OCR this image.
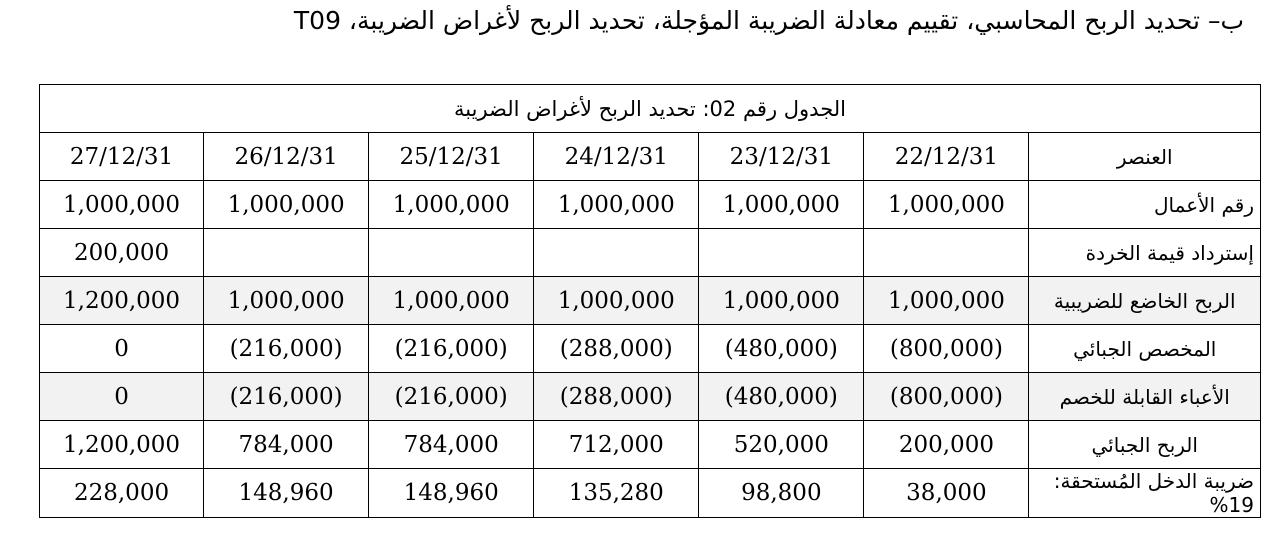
ب– تحديد الربح المحاسبي، تقييم معادلة الضريبة المؤجلة، تحديد الربح لأغراض الضريبة، T09
الجدول رقم 02: تحديد الربح لأغراض الضريبة						
العنصر	22/12/31	23/12/31	24/12/31	25/12/31	26/12/31	27/12/31
رقم الأعمال	1,000,000	1,000,000	1,000,000	1,000,000	1,000,000	1,000,000
إسترداد قيمة الخردة						200,000
الربح الخاضع للضريبية	1,000,000	1,000,000	1,000,000	1,000,000	1,000,000	1,200,000
المخصص الجبائي	(800,000)	(480,000)	(288,000)	(216,000)	(216,000)	0
الأعباء القابلة للخصم	(800,000)	(480,000)	(288,000)	(216,000)	(216,000)	0
الربح الجبائي	200,000	520,000	712,000	784,000	784,000	1,200,000
ضريبة الدخل المُستحقة: 19%	38,000	98,800	135,280	148,960	148,960	228,000
